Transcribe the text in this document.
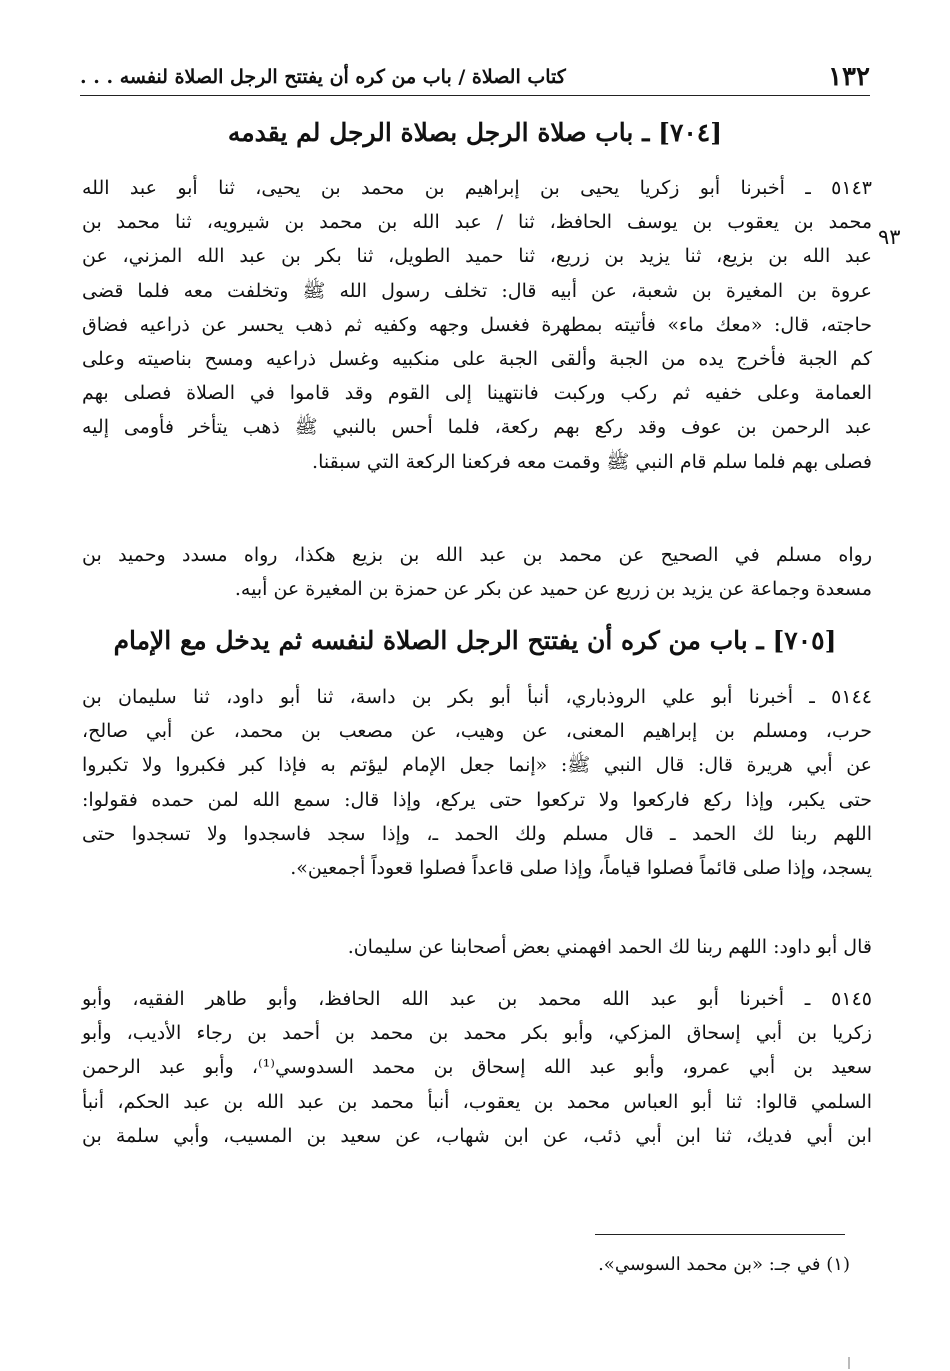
١٣٢
كتاب الصلاة / باب من كره أن يفتتح الرجل الصلاة لنفسه . . .
[٧٠٤] ـ باب صلاة الرجل بصلاة الرجل لم يقدمه
٩٣
٥١٤٣ ـ أخبرنا أبو زكريا يحيى بن إبراهيم بن محمد بن يحيى، ثنا أبو عبد الله
محمد بن يعقوب بن يوسف الحافظ، ثنا / عبد الله بن محمد بن شيرويه، ثنا محمد بن
عبد الله بن بزيع، ثنا يزيد بن زريع، ثنا حميد الطويل، ثنا بكر بن عبد الله المزني، عن
عروة بن المغيرة بن شعبة، عن أبيه قال: تخلف رسول الله ﷺ وتخلفت معه فلما قضى
حاجته، قال: «معك ماء» فأتيته بمطهرة فغسل وجهه وكفيه ثم ذهب يحسر عن ذراعيه فضاق
كم الجبة فأخرج يده من الجبة وألقى الجبة على منكبيه وغسل ذراعيه ومسح بناصيته وعلى
العمامة وعلى خفيه ثم ركب وركبت فانتهينا إلى القوم وقد قاموا في الصلاة فصلى بهم
عبد الرحمن بن عوف وقد ركع بهم ركعة، فلما أحس بالنبي ﷺ ذهب يتأخر فأومى إليه
فصلى بهم فلما سلم قام النبي ﷺ وقمت معه فركعنا الركعة التي سبقنا.
رواه مسلم في الصحيح عن محمد بن عبد الله بن بزيع هكذا، رواه مسدد وحميد بن
مسعدة وجماعة عن يزيد بن زريع عن حميد عن بكر عن حمزة بن المغيرة عن أبيه.
[٧٠٥] ـ باب من كره أن يفتتح الرجل الصلاة لنفسه ثم يدخل مع الإمام
٥١٤٤ ـ أخبرنا أبو علي الروذباري، أنبأ أبو بكر بن داسة، ثنا أبو داود، ثنا سليمان بن
حرب، ومسلم بن إبراهيم المعنى، عن وهيب، عن مصعب بن محمد، عن أبي صالح،
عن أبي هريرة قال: قال النبي ﷺ: «إنما جعل الإمام ليؤتم به فإذا كبر فكبروا ولا تكبروا
حتى يكبر، وإذا ركع فاركعوا ولا تركعوا حتى يركع، وإذا قال: سمع الله لمن حمده فقولوا:
اللهم ربنا لك الحمد ـ قال مسلم ولك الحمد ـ، وإذا سجد فاسجدوا ولا تسجدوا حتى
يسجد، وإذا صلى قائماً فصلوا قياماً، وإذا صلى قاعداً فصلوا قعوداً أجمعين».
قال أبو داود: اللهم ربنا لك الحمد افهمني بعض أصحابنا عن سليمان.
٥١٤٥ ـ أخبرنا أبو عبد الله محمد بن عبد الله الحافظ، وأبو طاهر الفقيه، وأبو
زكريا بن أبي إسحاق المزكي، وأبو بكر محمد بن محمد بن أحمد بن رجاء الأديب، وأبو
سعيد بن أبي عمرو، وأبو عبد الله إسحاق بن محمد السدوسي⁽¹⁾، وأبو عبد الرحمن
السلمي قالوا: ثنا أبو العباس محمد بن يعقوب، أنبأ محمد بن عبد الله بن عبد الحكم، أنبأ
ابن أبي فديك، ثنا ابن أبي ذئب، عن ابن شهاب، عن سعيد بن المسيب، وأبي سلمة بن
(١) في جـ: «بن محمد السوسي».
